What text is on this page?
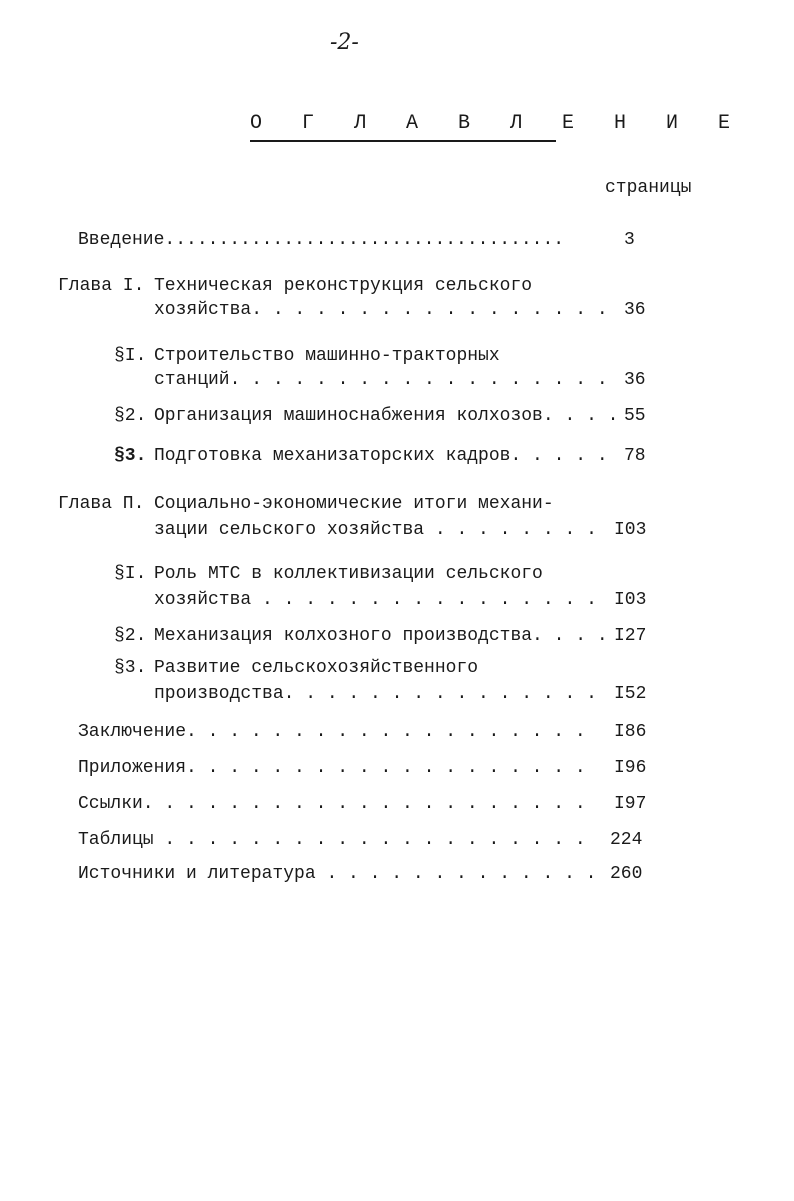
-2-
О Г Л А В Л Е Н И Е
страницы
Введение.....................................	3
Глава I. Техническая реконструкция сельского
хозяйства. . . . . . . . . . . . . . . . . 36
§I. Строительство машинно-тракторных
станций. . . . . . . . . . . . . . . . . . 36
§2. Организация машиноснабжения колхозов. . . . 55
§3. Подготовка механизаторских кадров. . . . . 78
Глава П. Социально-экономические итоги механи-
зации сельского хозяйства . . . . . . . . I03
§I. Роль МТС в коллективизации сельского
хозяйства . . . . . . . . . . . . . . . . I03
§2. Механизация колхозного производства. . . . I27
§3. Развитие сельскохозяйственного
производства. . . . . . . . . . . . . . . I52
Заключение. . . . . . . . . . . . . . . . . . . I86
Приложения. . . . . . . . . . . . . . . . . . . I96
Ссылки. . . . . . . . . . . . . . . . . . . . . I97
Таблицы . . . . . . . . . . . . . . . . . . . . 224
Источники и литература . . . . . . . . . . . . . 260
